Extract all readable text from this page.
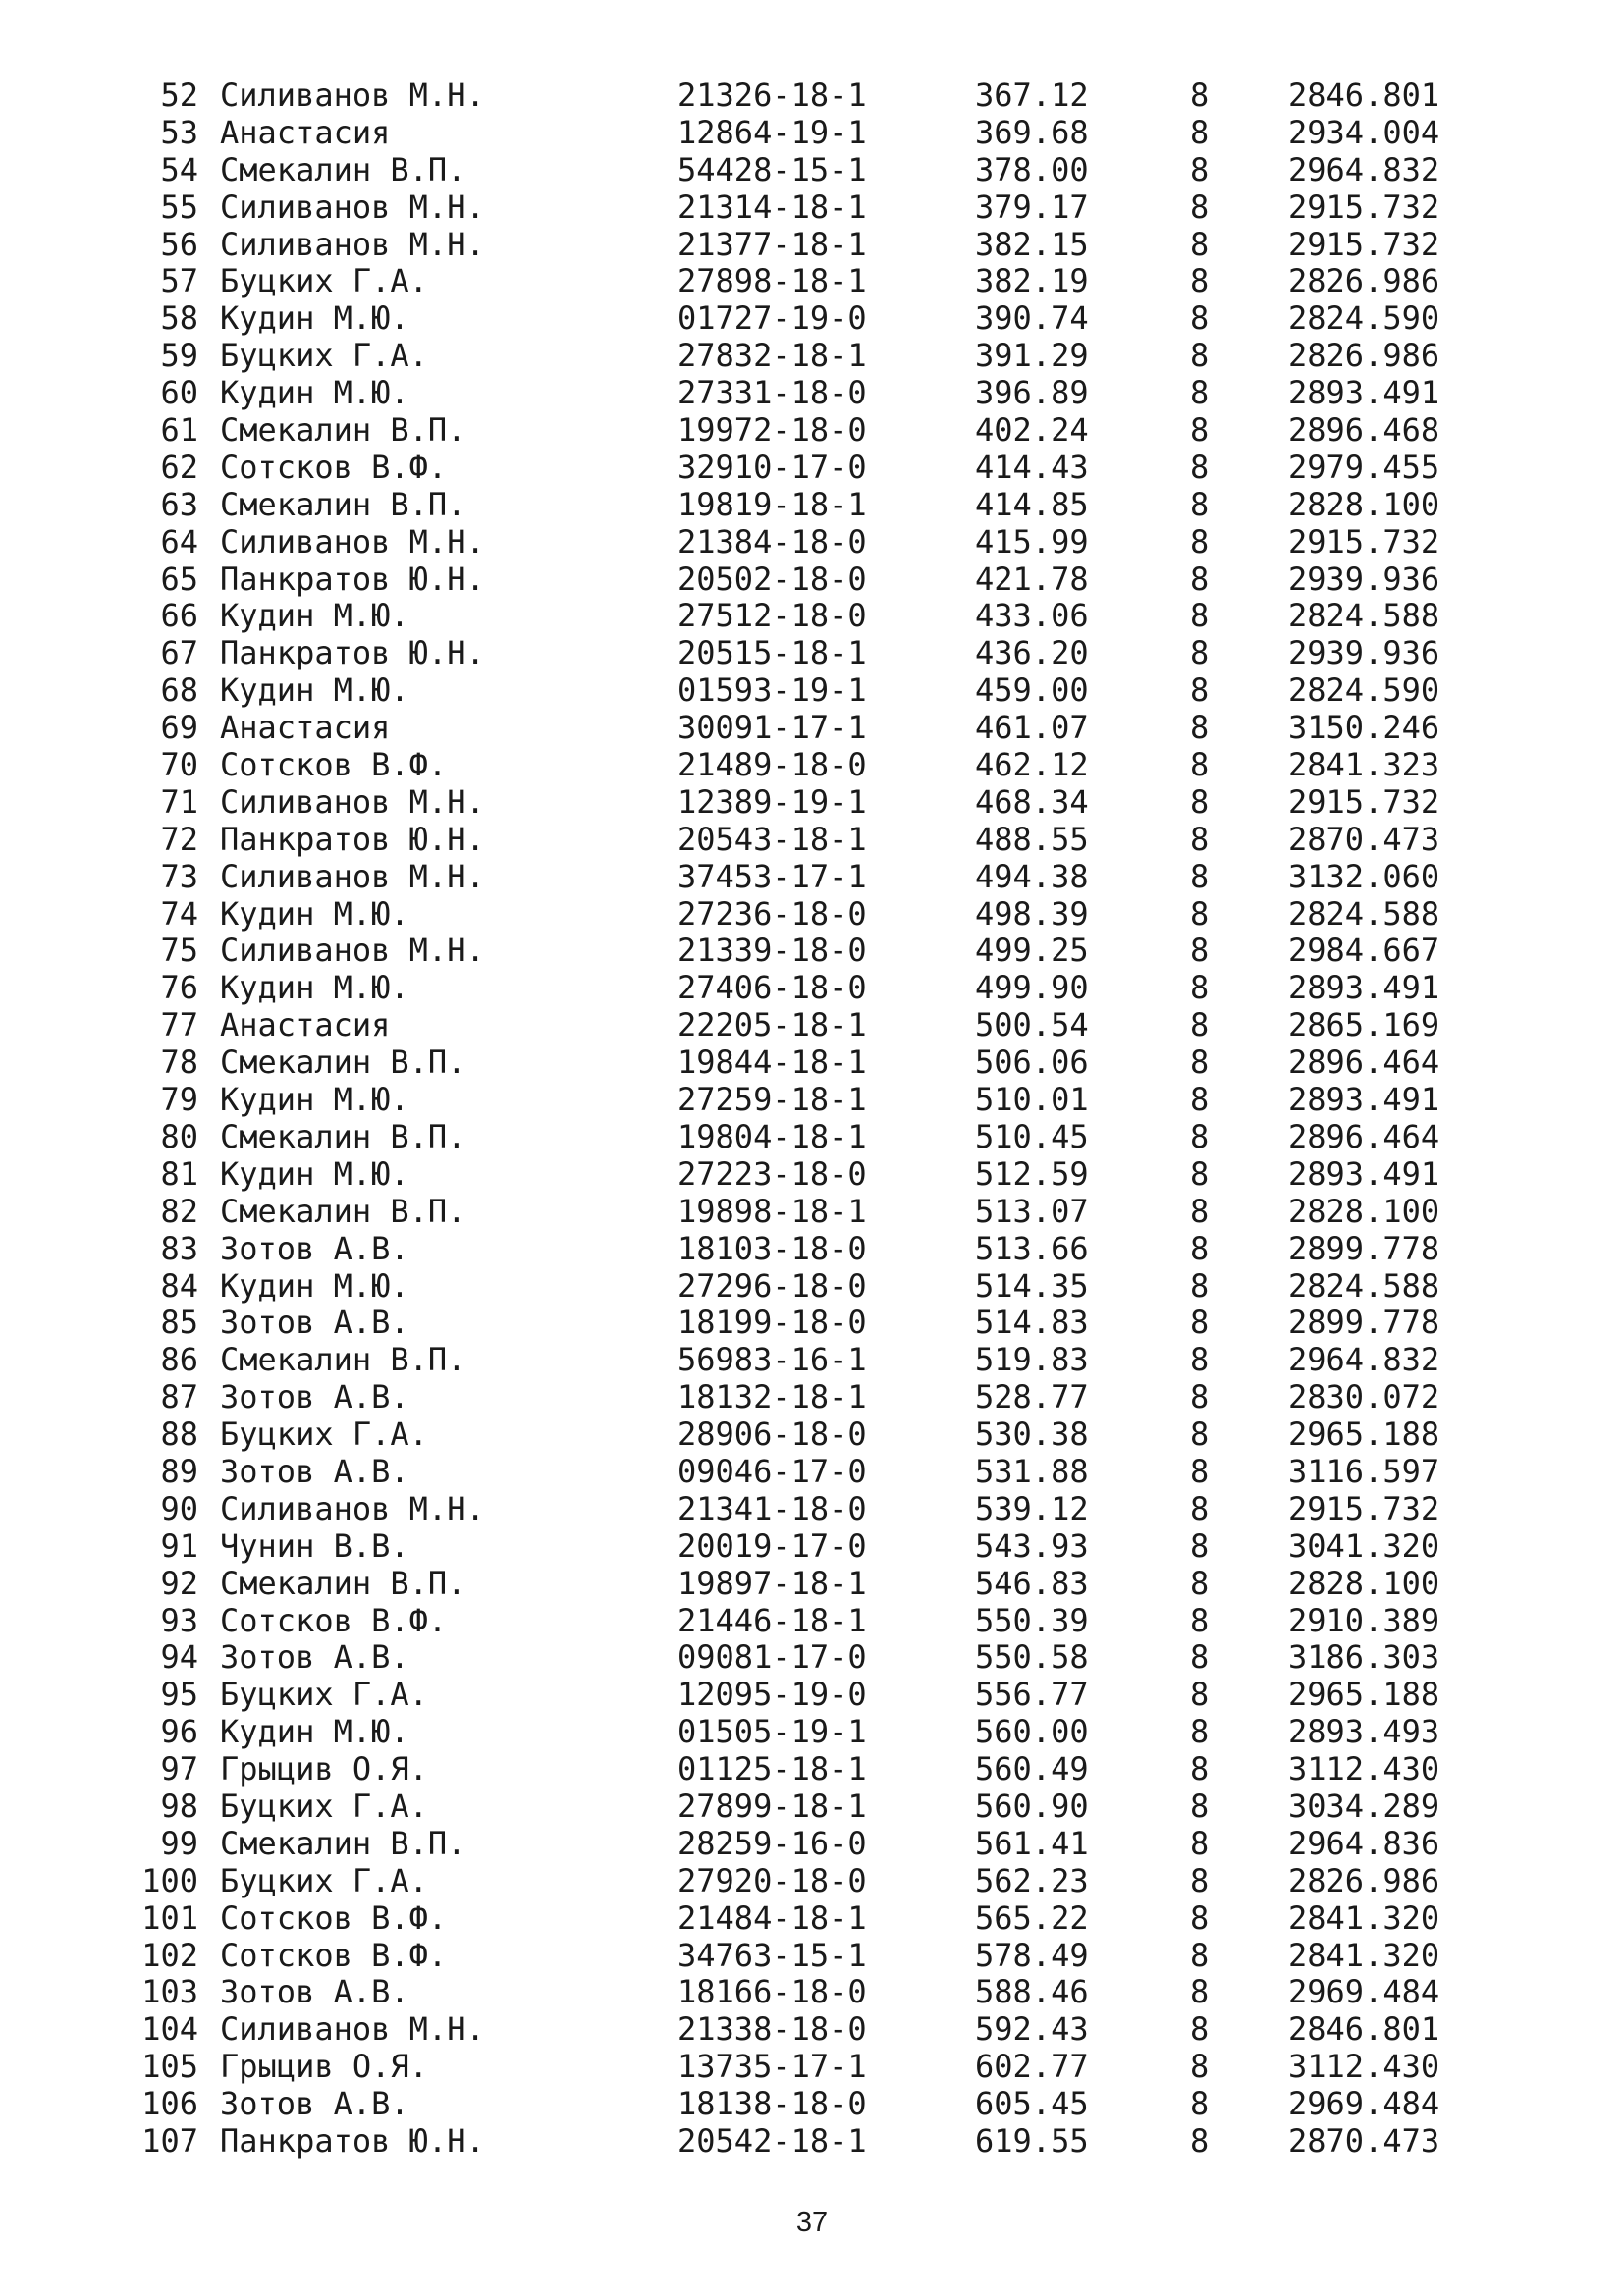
52 Силиванов М.Н.	21326-18-1	367.12	8	2846.801
53 Анастасия	12864-19-1	369.68	8	2934.004
54 Смекалин В.П.	54428-15-1	378.00	8	2964.832
55 Силиванов М.Н.	21314-18-1	379.17	8	2915.732
56 Силиванов М.Н.	21377-18-1	382.15	8	2915.732
57 Буцких Г.А.	27898-18-1	382.19	8	2826.986
58 Кудин М.Ю.	01727-19-0	390.74	8	2824.590
59 Буцких Г.А.	27832-18-1	391.29	8	2826.986
60 Кудин М.Ю.	27331-18-0	396.89	8	2893.491
61 Смекалин В.П.	19972-18-0	402.24	8	2896.468
62 Сотсков В.Ф.	32910-17-0	414.43	8	2979.455
63 Смекалин В.П.	19819-18-1	414.85	8	2828.100
64 Силиванов М.Н.	21384-18-0	415.99	8	2915.732
65 Панкратов Ю.Н.	20502-18-0	421.78	8	2939.936
66 Кудин М.Ю.	27512-18-0	433.06	8	2824.588
67 Панкратов Ю.Н.	20515-18-1	436.20	8	2939.936
68 Кудин М.Ю.	01593-19-1	459.00	8	2824.590
69 Анастасия	30091-17-1	461.07	8	3150.246
70 Сотсков В.Ф.	21489-18-0	462.12	8	2841.323
71 Силиванов М.Н.	12389-19-1	468.34	8	2915.732
72 Панкратов Ю.Н.	20543-18-1	488.55	8	2870.473
73 Силиванов М.Н.	37453-17-1	494.38	8	3132.060
74 Кудин М.Ю.	27236-18-0	498.39	8	2824.588
75 Силиванов М.Н.	21339-18-0	499.25	8	2984.667
76 Кудин М.Ю.	27406-18-0	499.90	8	2893.491
77 Анастасия	22205-18-1	500.54	8	2865.169
78 Смекалин В.П.	19844-18-1	506.06	8	2896.464
79 Кудин М.Ю.	27259-18-1	510.01	8	2893.491
80 Смекалин В.П.	19804-18-1	510.45	8	2896.464
81 Кудин М.Ю.	27223-18-0	512.59	8	2893.491
82 Смекалин В.П.	19898-18-1	513.07	8	2828.100
83 Зотов А.В.	18103-18-0	513.66	8	2899.778
84 Кудин М.Ю.	27296-18-0	514.35	8	2824.588
85 Зотов А.В.	18199-18-0	514.83	8	2899.778
86 Смекалин В.П.	56983-16-1	519.83	8	2964.832
87 Зотов А.В.	18132-18-1	528.77	8	2830.072
88 Буцких Г.А.	28906-18-0	530.38	8	2965.188
89 Зотов А.В.	09046-17-0	531.88	8	3116.597
90 Силиванов М.Н.	21341-18-0	539.12	8	2915.732
91 Чунин В.В.	20019-17-0	543.93	8	3041.320
92 Смекалин В.П.	19897-18-1	546.83	8	2828.100
93 Сотсков В.Ф.	21446-18-1	550.39	8	2910.389
94 Зотов А.В.	09081-17-0	550.58	8	3186.303
95 Буцких Г.А.	12095-19-0	556.77	8	2965.188
96 Кудин М.Ю.	01505-19-1	560.00	8	2893.493
97 Грыцив О.Я.	01125-18-1	560.49	8	3112.430
98 Буцких Г.А.	27899-18-1	560.90	8	3034.289
99 Смекалин В.П.	28259-16-0	561.41	8	2964.836
100 Буцких Г.А.	27920-18-0	562.23	8	2826.986
101 Сотсков В.Ф.	21484-18-1	565.22	8	2841.320
102 Сотсков В.Ф.	34763-15-1	578.49	8	2841.320
103 Зотов А.В.	18166-18-0	588.46	8	2969.484
104 Силиванов М.Н.	21338-18-0	592.43	8	2846.801
105 Грыцив О.Я.	13735-17-1	602.77	8	3112.430
106 Зотов А.В.	18138-18-0	605.45	8	2969.484
107 Панкратов Ю.Н.	20542-18-1	619.55	8	2870.473
37
